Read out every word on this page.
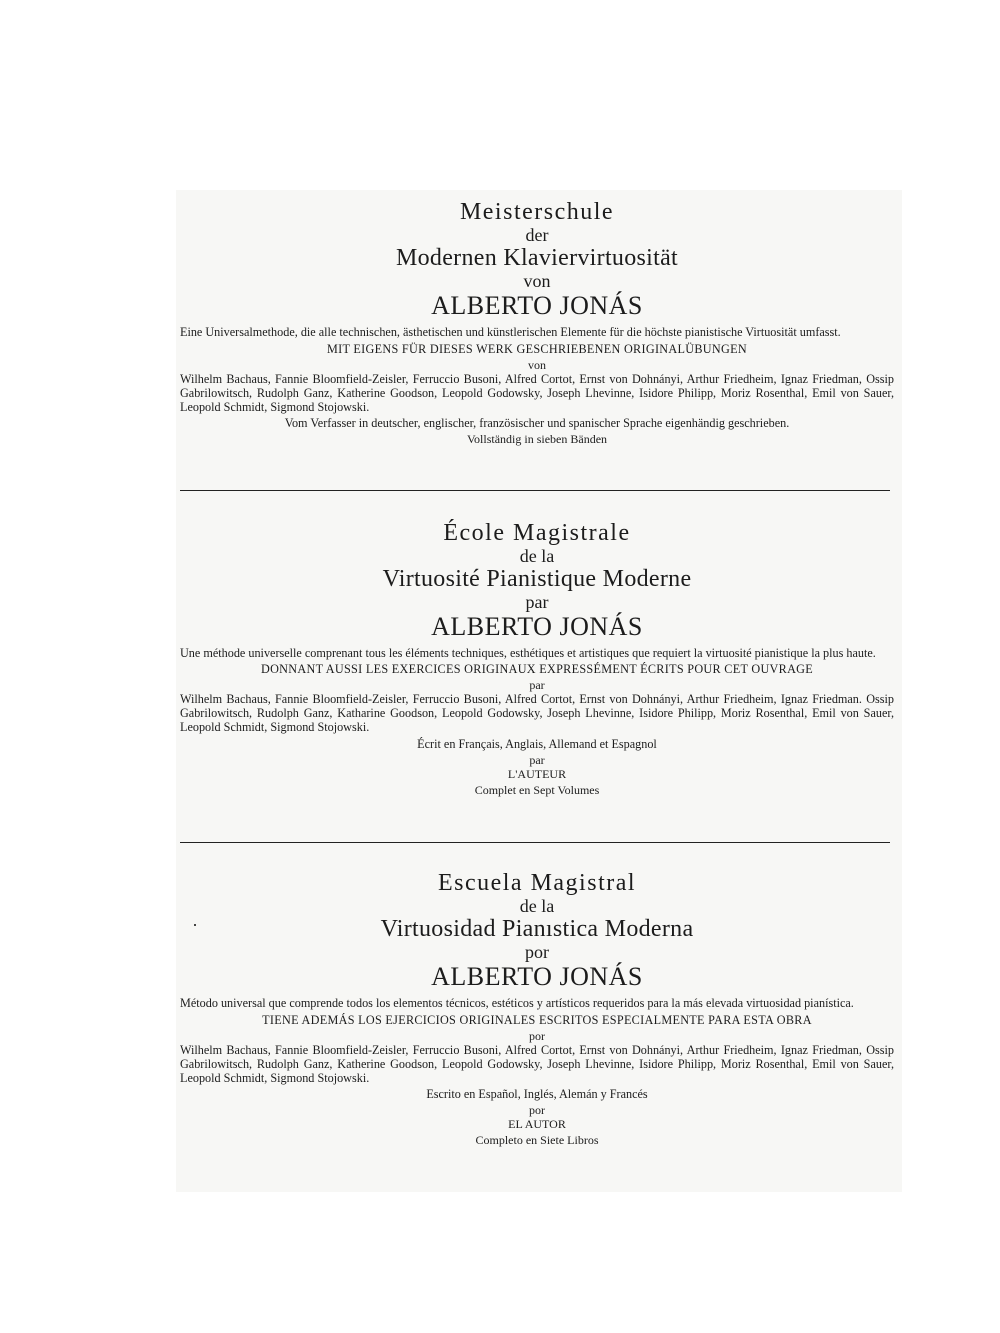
Meisterschule
der
Modernen Klaviervirtuosität
von
ALBERTO JONÁS
Eine Universalmethode, die alle technischen, ästhetischen und künstlerischen Elemente für die höchste pianistische Virtuosität umfasst.
MIT EIGENS FÜR DIESES WERK GESCHRIEBENEN ORIGINALÜBUNGEN
von
Wilhelm Bachaus, Fannie Bloomfield-Zeisler, Ferruccio Busoni, Alfred Cortot, Ernst von Dohnányi, Arthur Friedheim, Ignaz Friedman, Ossip Gabrilowitsch, Rudolph Ganz, Katherine Goodson, Leopold Godowsky, Joseph Lhevinne, Isidore Philipp, Moriz Rosenthal, Emil von Sauer, Leopold Schmidt, Sigmond Stojowski.
Vom Verfasser in deutscher, englischer, französischer und spanischer Sprache eigenhändig geschrieben.
Vollständig in sieben Bänden
École Magistrale
de la
Virtuosité Pianistique Moderne
par
ALBERTO JONÁS
Une méthode universelle comprenant tous les éléments techniques, esthétiques et artistiques que requiert la virtuosité pianistique la plus haute.
DONNANT AUSSI LES EXERCICES ORIGINAUX EXPRESSÉMENT ÉCRITS POUR CET OUVRAGE
par
Wilhelm Bachaus, Fannie Bloomfield-Zeisler, Ferruccio Busoni, Alfred Cortot, Ernst von Dohnányi, Arthur Friedheim, Ignaz Friedman. Ossip Gabrilowitsch, Rudolph Ganz, Katharine Goodson, Leopold Godowsky, Joseph Lhevinne, Isidore Philipp, Moriz Rosenthal, Emil von Sauer, Leopold Schmidt, Sigmond Stojowski.
Écrit en Français, Anglais, Allemand et Espagnol
par
L'AUTEUR
Complet en Sept Volumes
Escuela Magistral
de la
Virtuosidad Pianıstica Moderna
por
ALBERTO JONÁS
Método universal que comprende todos los elementos técnicos, estéticos y artísticos requeridos para la más elevada virtuosidad pianística.
TIENE ADEMÁS LOS EJERCICIOS ORIGINALES ESCRITOS ESPECIALMENTE PARA ESTA OBRA
por
Wilhelm Bachaus, Fannie Bloomfield-Zeisler, Ferruccio Busoni, Alfred Cortot, Ernst von Dohnányi, Arthur Friedheim, Ignaz Friedman, Ossip Gabrilowitsch, Rudolph Ganz, Katherine Goodson, Leopold Godowsky, Joseph Lhevinne, Isidore Philipp, Moriz Rosenthal, Emil von Sauer, Leopold Schmidt, Sigmond Stojowski.
Escrito en Español, Inglés, Alemán y Francés
por
EL AUTOR
Completo en Siete Libros
